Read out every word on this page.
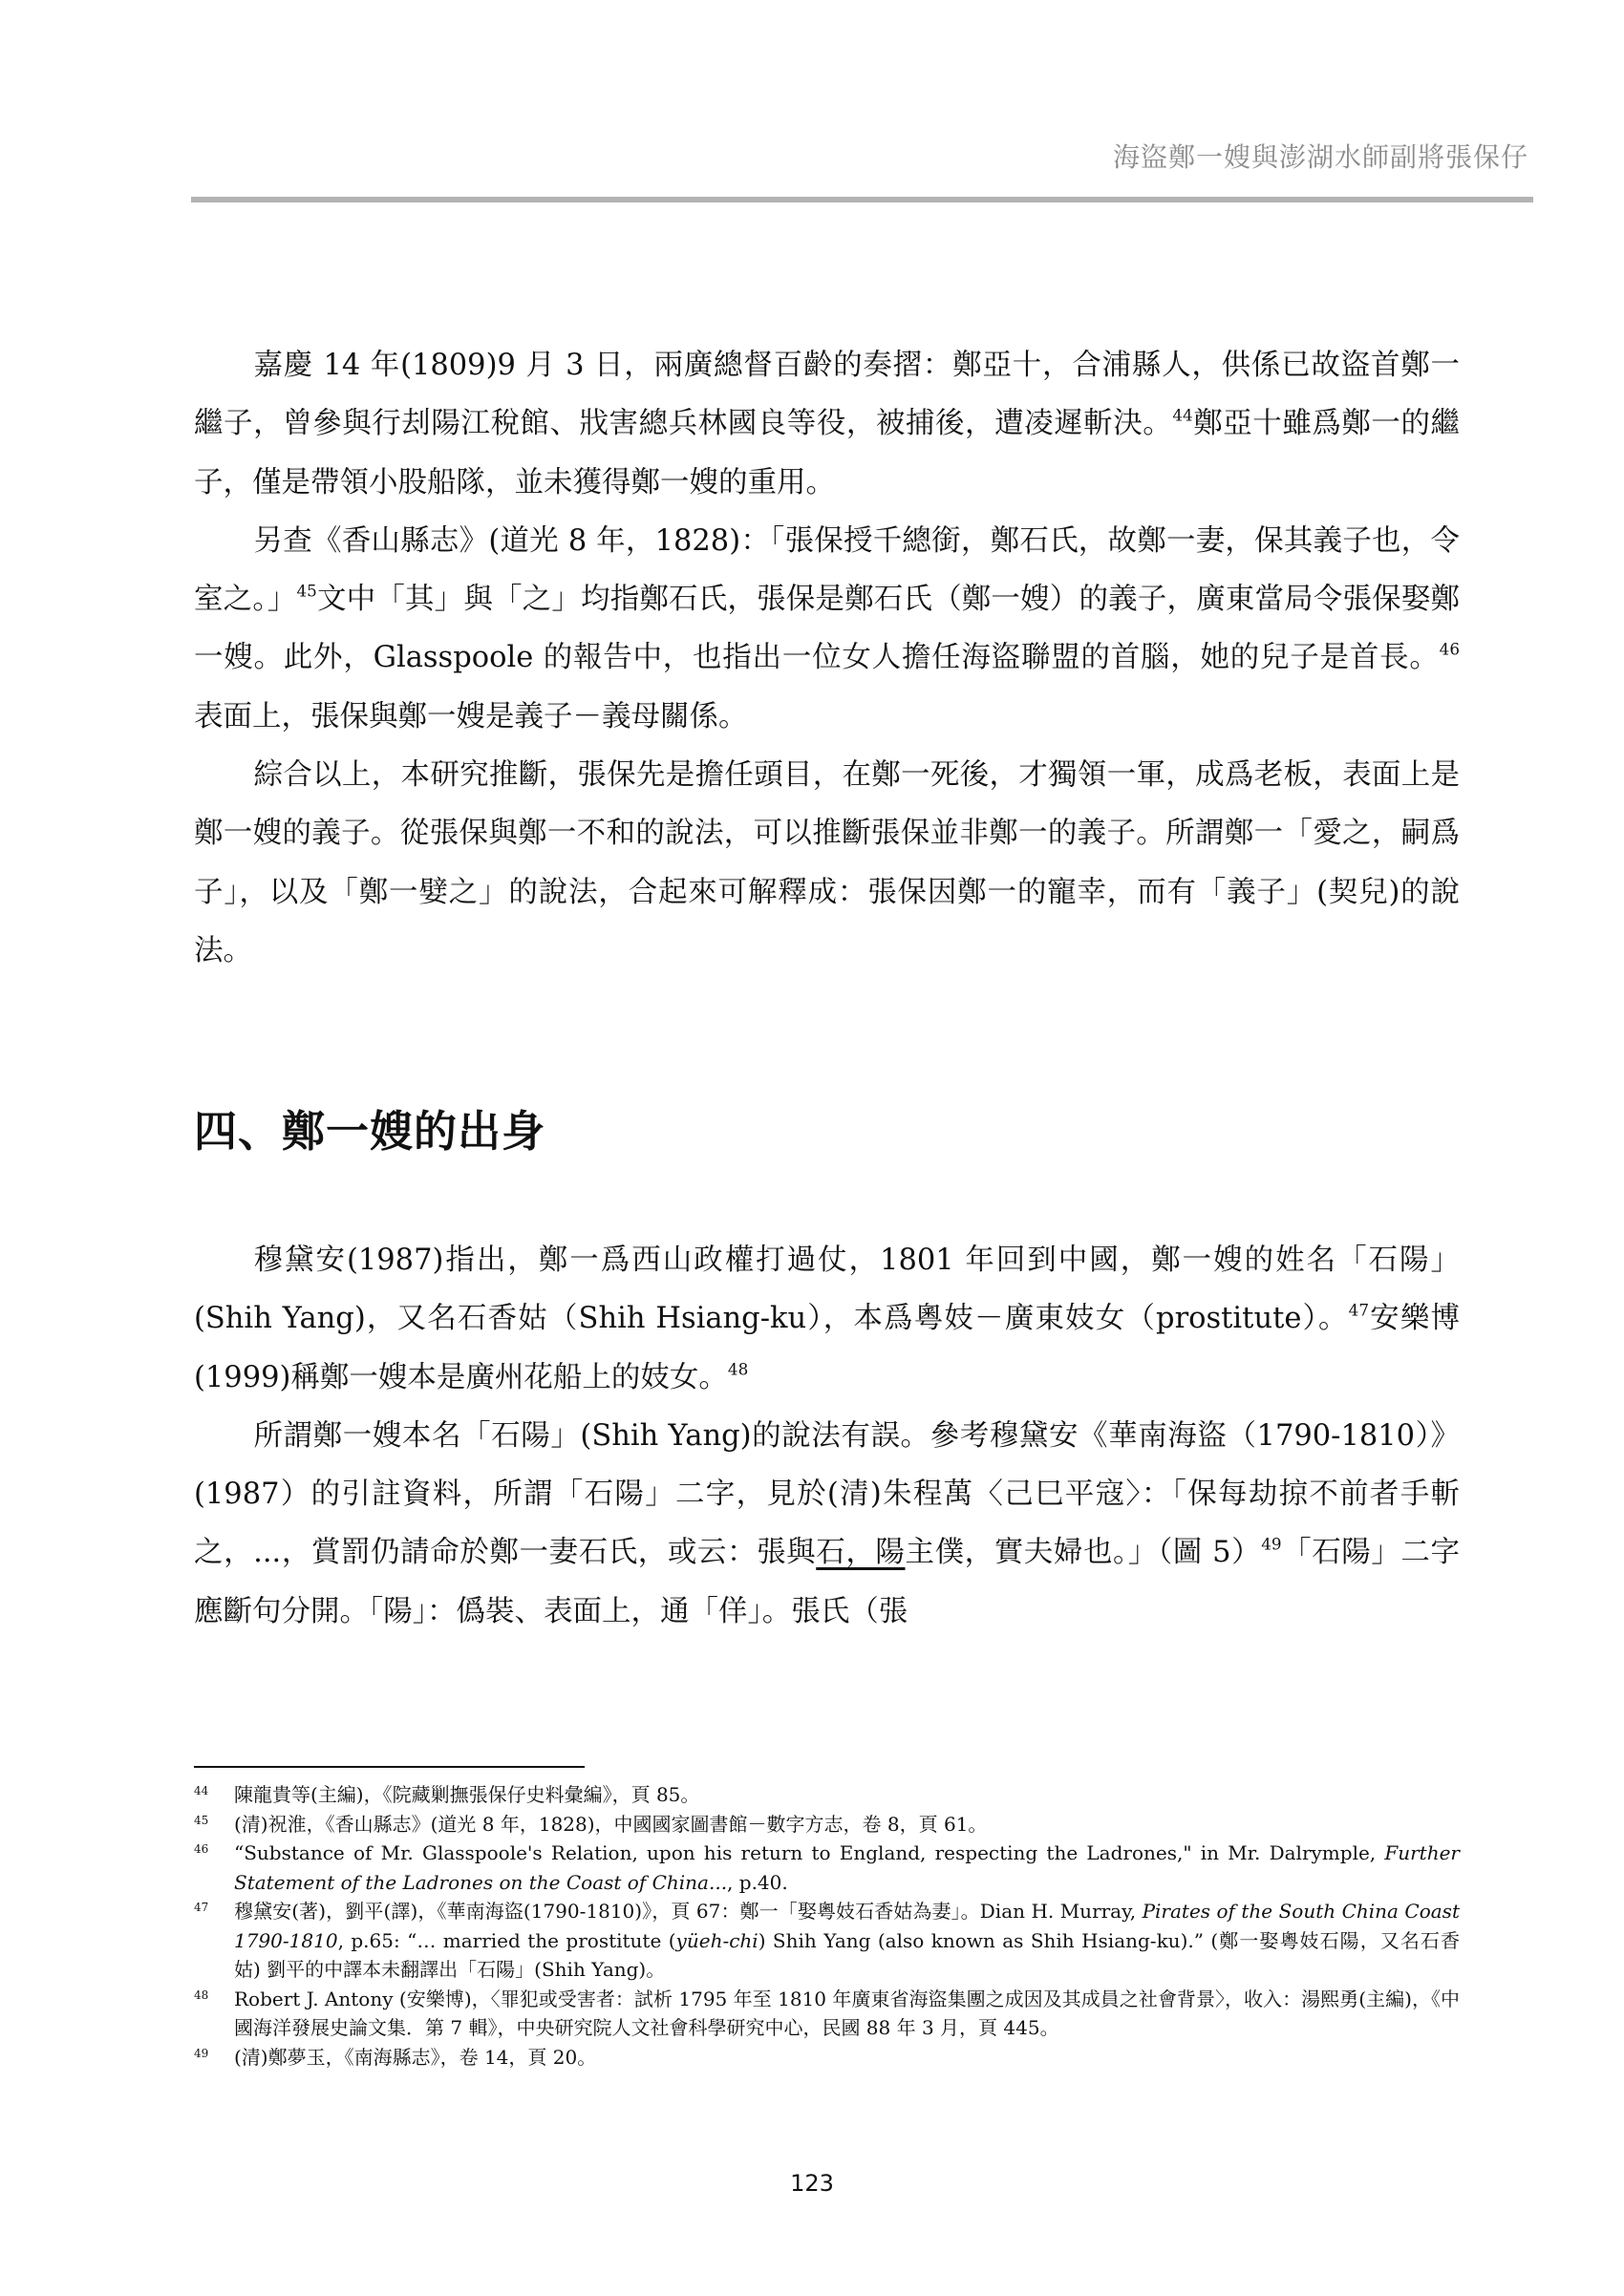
海盜鄭一嫂與澎湖水師副將張保仔

嘉慶 14 年(1809)9 月 3 日，兩廣總督百齡的奏摺：鄭亞十，合浦縣人，供係已故盜首鄭一繼子，曾參與行刦陽江稅館、戕害總兵林國良等役，被捕後，遭凌遲斬決。$^{44}$鄭亞十雖爲鄭一的繼子，僅是帶領小股船隊，並未獲得鄭一嫂的重用。

另查《香山縣志》(道光 8 年，1828)：「張保授千總銜，鄭石氏，故鄭一妻，保其義子也，令室之。」$^{45}$文中「其」與「之」均指鄭石氏，張保是鄭石氏（鄭一嫂）的義子，廣東當局令張保娶鄭一嫂。此外，Glasspoole 的報告中，也指出一位女人擔任海盜聯盟的首腦，她的兒子是首長。$^{46}$表面上，張保與鄭一嫂是義子－義母關係。

綜合以上，本研究推斷，張保先是擔任頭目，在鄭一死後，才獨領一軍，成爲老板，表面上是鄭一嫂的義子。從張保與鄭一不和的說法，可以推斷張保並非鄭一的義子。所謂鄭一「愛之，嗣爲子」，以及「鄭一嬖之」的說法，合起來可解釋成：張保因鄭一的寵幸，而有「義子」(契兒)的說法。

四、鄭一嫂的出身

穆黛安(1987)指出，鄭一爲西山政權打過仗，1801 年回到中國，鄭一嫂的姓名「石陽」(Shih Yang)，又名石香姑（Shih Hsiang-ku），本爲粵妓－廣東妓女（prostitute）。$^{47}$安樂博(1999)稱鄭一嫂本是廣州花船上的妓女。$^{48}$

所謂鄭一嫂本名「石陽」(Shih Yang)的說法有誤。參考穆黛安《華南海盜（1790-1810）》(1987）的引註資料，所謂「石陽」二字，見於(清)朱程萬〈己巳平寇〉：「保每劫掠不前者手斬之，...，賞罰仍請命於鄭一妻石氏，或云：張與石，陽主僕，實夫婦也。」（圖 5）$^{49}$「石陽」二字應斷句分開。「陽」：僞裝、表面上，通「佯」。張氏（張

44 陳龍貴等(主編)，《院藏剿撫張保仔史料彙編》，頁 85。
45 (清)祝淮，《香山縣志》(道光 8 年，1828)，中國國家圖書館－數字方志，卷 8，頁 61。
46 “Substance of Mr. Glasspoole's Relation, upon his return to England, respecting the Ladrones," in Mr. Dalrymple, Further Statement of the Ladrones on the Coast of China..., p.40.
47 穆黛安(著)，劉平(譯)，《華南海盜(1790-1810)》，頁 67：鄭一「娶粵妓石香姑為妻」。Dian H. Murray, Pirates of the South China Coast 1790-1810, p.65: “… married the prostitute (yüeh-chi) Shih Yang (also known as Shih Hsiang-ku).” (鄭一娶粵妓石陽，又名石香姑) 劉平的中譯本未翻譯出「石陽」(Shih Yang)。
48 Robert J. Antony (安樂博)，〈罪犯或受害者：試析 1795 年至 1810 年廣東省海盜集團之成因及其成員之社會背景〉，收入：湯熙勇(主編)，《中國海洋發展史論文集．第 7 輯》，中央研究院人文社會科學研究中心，民國 88 年 3 月，頁 445。
49 (清)鄭夢玉，《南海縣志》，卷 14，頁 20。
123
